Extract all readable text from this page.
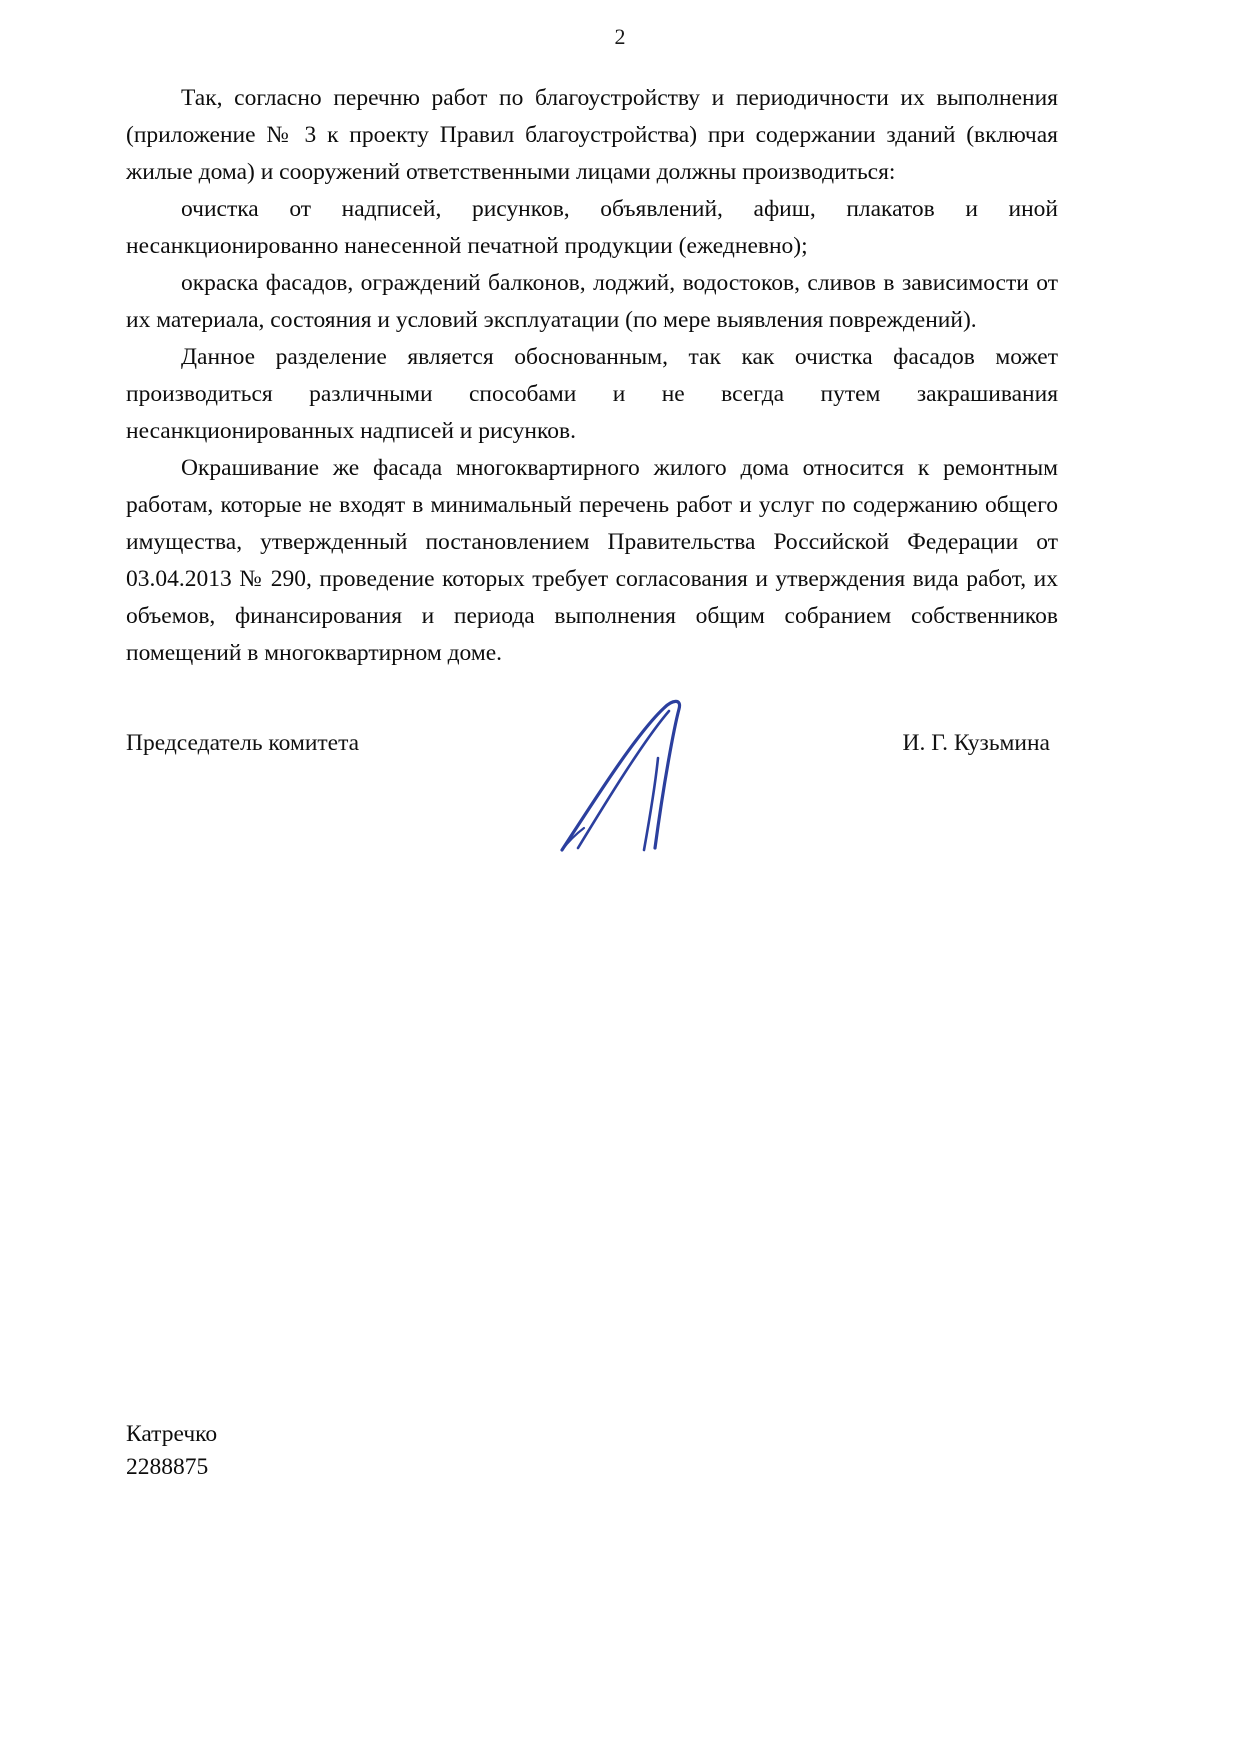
2

Так, согласно перечню работ по благоустройству и периодичности их выполнения (приложение № 3 к проекту Правил благоустройства) при содержании зданий (включая жилые дома) и сооружений ответственными лицами должны производиться:

очистка от надписей, рисунков, объявлений, афиш, плакатов и иной несанкционированно нанесенной печатной продукции (ежедневно);

окраска фасадов, ограждений балконов, лоджий, водостоков, сливов в зависимости от их материала, состояния и условий эксплуатации (по мере выявления повреждений).

Данное разделение является обоснованным, так как очистка фасадов может производиться различными способами и не всегда путем закрашивания несанкционированных надписей и рисунков.

Окрашивание же фасада многоквартирного жилого дома относится к ремонтным работам, которые не входят в минимальный перечень работ и услуг по содержанию общего имущества, утвержденный постановлением Правительства Российской Федерации от 03.04.2013 № 290, проведение которых требует согласования и утверждения вида работ, их объемов, финансирования и периода выполнения общим собранием собственников помещений в многоквартирном доме.

Председатель комитета	И. Г. Кузьмина
Катречко
2288875
